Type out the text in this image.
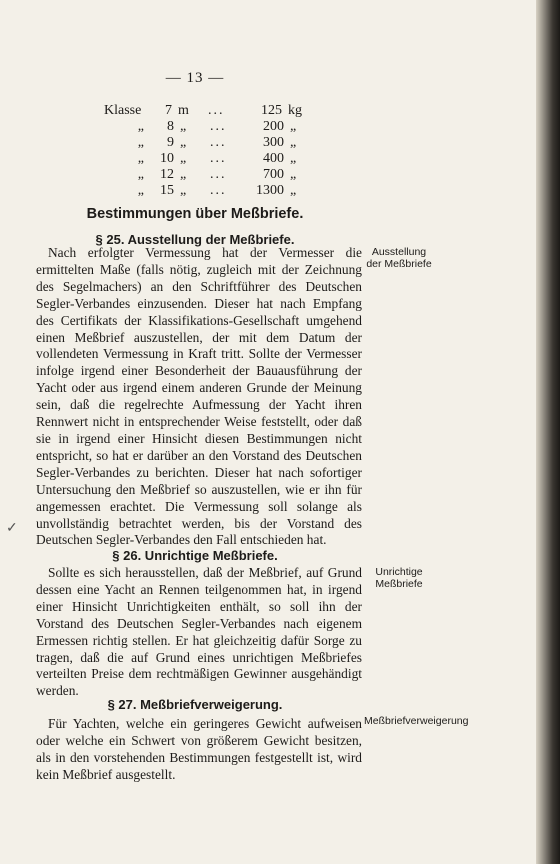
— 13 —
Klasse	7 m	...	125 kg
„	8 „	...	200 „
„	9 „	...	300 „
„	10 „	...	400 „
„	12 „	...	700 „
„	15 „	...	1300 „
Bestimmungen über Meßbriefe.
§ 25. Ausstellung der Meßbriefe.
Nach erfolgter Vermessung hat der Vermesser die ermittelten Maße (falls nötig, zugleich mit der Zeichnung des Segelmachers) an den Schriftführer des Deutschen Segler-Verbandes einzusenden. Dieser hat nach Empfang des Certifikats der Klassifikations-Gesellschaft umgehend einen Meßbrief auszustellen, der mit dem Datum der vollendeten Vermessung in Kraft tritt. Sollte der Vermesser infolge irgend einer Besonderheit der Bauausführung der Yacht oder aus irgend einem anderen Grunde der Meinung sein, daß die regelrechte Aufmessung der Yacht ihren Rennwert nicht in entsprechender Weise feststellt, oder daß sie in irgend einer Hinsicht diesen Bestimmungen nicht entspricht, so hat er darüber an den Vorstand des Deutschen Segler-Verbandes zu berichten. Dieser hat nach sofortiger Untersuchung den Meßbrief so auszustellen, wie er ihn für angemessen erachtet. Die Vermessung soll solange als unvollständig betrachtet werden, bis der Vorstand des Deutschen Segler-Verbandes den Fall entschieden hat.
Ausstellung der Meßbriefe
§ 26. Unrichtige Meßbriefe.
Sollte es sich herausstellen, daß der Meßbrief, auf Grund dessen eine Yacht an Rennen teilgenommen hat, in irgend einer Hinsicht Unrichtigkeiten enthält, so soll ihn der Vorstand des Deutschen Segler-Verbandes nach eigenem Ermessen richtig stellen. Er hat gleichzeitig dafür Sorge zu tragen, daß die auf Grund eines unrichtigen Meßbriefes verteilten Preise dem rechtmäßigen Gewinner ausgehändigt werden.
Unrichtige Meßbriefe
§ 27. Meßbriefverweigerung.
Für Yachten, welche ein geringeres Gewicht aufweisen oder welche ein Schwert von größerem Gewicht besitzen, als in den vorstehenden Bestimmungen festgestellt ist, wird kein Meßbrief ausgestellt.
Meßbriefverweigerung
✓
